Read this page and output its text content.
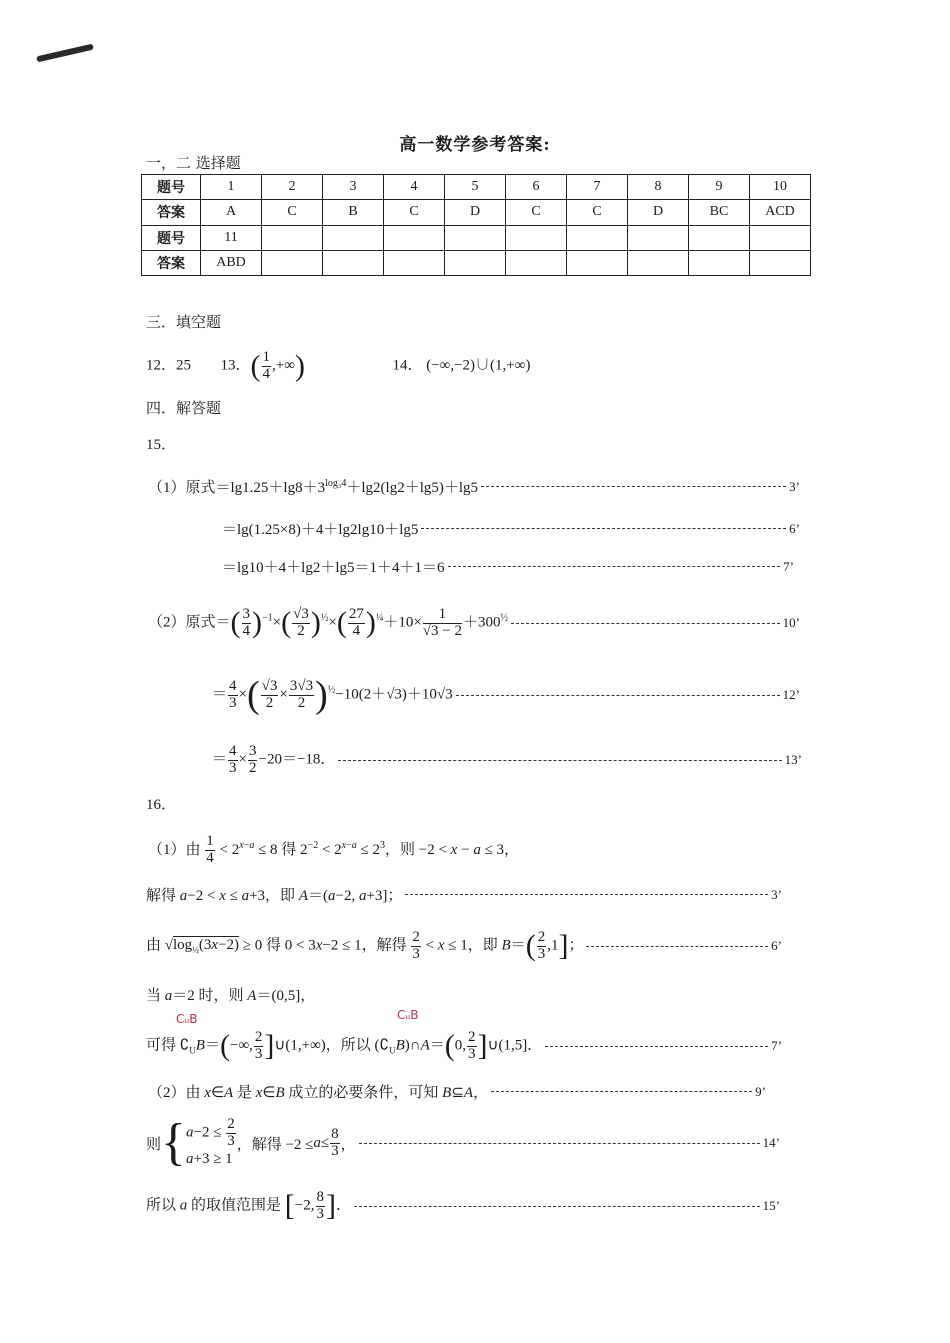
高一数学参考答案:
一，二 选择题
题号	1	2	3	4	5	6	7	8	9	10
答案	A	C	B	C	D	C	C	D	BC	ACD
题号	11									
答案	ABD									
三．填空题
12．25 13．( $\frac{1}{4}$ ,+∞)	14． (−∞,−2)∪(1,+∞)
四．解答题
15．
（1）原式$=\lg 1.25+\lg 8+3^{log_34}+\lg 2(\lg 2+\lg 5)+\lg 5$	3’
＝lg(1.25×8)＋4＋lg2lg10＋lg5	6’
＝lg10＋4＋lg2＋lg5＝1＋4＋1＝6	7’
（2）原式＝( $\frac{3}{4} )^{-1}\times( \frac{√3}{2} )^{\frac{1}{2}}\times( \frac{27}{4} )^{\frac{1}{4}}+10\times \frac{1}{√3 - 2} +300^{\frac{1}{2}}$	10’
＝ $\frac{4}{3}$ ×( $\frac{√3}{2} \times \frac{3√3}{2} )^{\frac{1}{2}}-10(2+√3)+10√3$	12’
＝ $\frac{4}{3} \times \frac{3}{2} -20=-18$．	13’
16．
（1）由 $\frac{1}{4} < 2^{x-a} \le 8$ 得 $2^{-2} < 2^{x-a} \le 2^3$，则 −2 < x − a ≤ 3，
解得 a−2 < x ≤ a+3，即 A＝(a−2, a+3]；	3’
由 $√\log_{\frac{1}{2}}(3x-2) \ge 0$ 得 0 < 3x−2 ≤ 1，解得 $\frac{2}{3} < x \le 1$，即 $B=( \frac{2}{3} ,1]$；	6’
当 a＝2 时，则 A＝(0,5]，
CᵤB	CᵤB
可得 $∁_UB=(-\infty$, $\frac{2}{3}$ ]∪(1,+∞)，所以 $(∁_UB)\cap A=(0$, $\frac{2}{3}$ ]∪(1,5]．	7’
（2）由 x∈A 是 x∈B 成立的必要条件，可知 B⊆A，	9’
则 { $a-2 \le \frac{2}{3}$
a+3 ≥ 1
，解得 $-2 \le a \le \frac{8}{3}$ ，	14’
所以 a 的取值范围是 [−2, $\frac{8}{3}$ ]．	15’
